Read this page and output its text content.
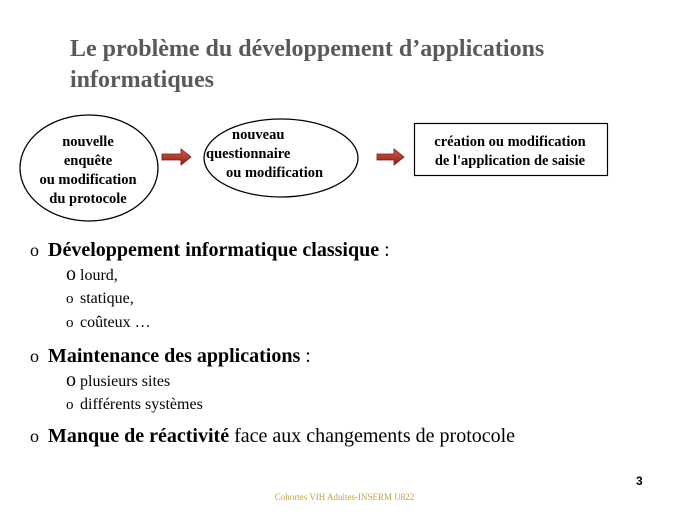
Le problème du développement d’applications
informatiques
nouvelle
enquête
ou modification
du protocole
nouveau
questionnaire
ou modification
création ou modification
de l'application de saisie
o Développement informatique classique :
o lourd,
o statique,
o coûteux …
o Maintenance des applications :
o plusieurs sites
o différents systèmes
o Manque de réactivité face aux changements de protocole
3
Cohortes VIH Adultes-INSERM U822
